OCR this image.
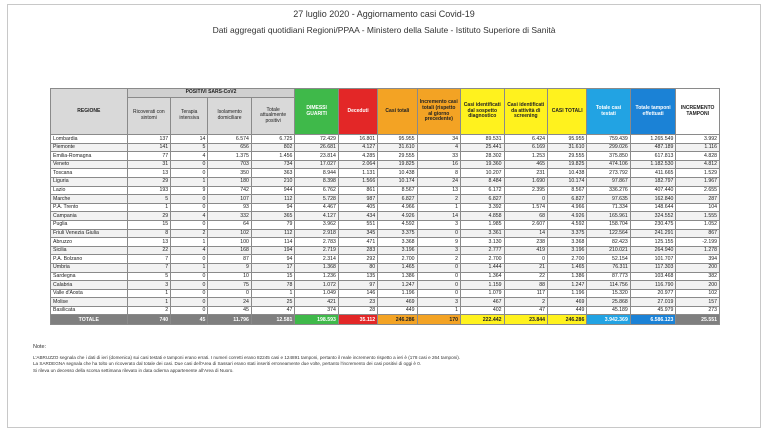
27 luglio 2020 - Aggiornamento casi Covid-19
Dati aggregati quotidiani Regioni/PPAA - Ministero della Salute - Istituto Superiore di Sanità
REGIONE	POSITIVI SARS-CoV2				DIMESSI GUARITI	Deceduti	Casi totali	Incremento casi totali (rispetto al giorno precedente)	Casi identificati dal sospetto diagnostico	Casi identificati da attività di screening	CASI TOTALI	Totale casi testati	Totale tamponi effettuati	INCREMENTO TAMPONI
	Ricoverati con sintomi	Terapia intensiva	Isolamento domiciliare	Totale attualmente positivi										
Lombardia	137	14	6.574	6.725	72.429	16.801	95.955	34	89.531	6.424	95.955	759.439	1.265.549	3.992
Piemonte	141	5	656	802	26.681	4.127	31.610	4	25.441	6.169	31.610	299.026	487.189	1.116
Emilia-Romagna	77	4	1.375	1.456	23.814	4.285	29.555	33	28.302	1.253	29.555	375.850	617.813	4.828
Veneto	31	0	703	734	17.027	2.064	19.825	16	19.360	465	19.825	474.106	1.182.530	4.812
Toscana	13	0	350	363	8.944	1.131	10.438	8	10.207	231	10.438	273.792	411.665	1.529
Liguria	29	1	180	210	8.398	1.566	10.174	24	8.484	1.690	10.174	97.867	182.797	1.967
Lazio	193	9	742	944	6.762	861	8.567	13	6.172	2.395	8.567	336.276	407.440	2.655
Marche	5	0	107	112	5.728	987	6.827	2	6.827	0	6.827	97.635	162.840	287
P.A. Trento	1	0	93	94	4.467	405	4.966	1	3.392	1.574	4.966	71.334	148.644	104
Campania	29	4	332	365	4.127	434	4.926	14	4.858	68	4.926	165.961	324.552	1.555
Puglia	15	0	64	79	3.962	551	4.592	3	1.985	2.607	4.592	158.704	230.475	1.052
Friuli Venezia Giulia	8	2	102	112	2.918	345	3.375	0	3.361	14	3.375	122.564	241.291	867
Abruzzo	13	1	100	114	2.783	471	3.368	9	3.130	238	3.368	82.423	125.155	-2.199
Sicilia	22	4	168	194	2.719	283	3.196	3	2.777	419	3.196	210.021	264.940	1.278
P.A. Bolzano	7	0	87	94	2.314	292	2.700	2	2.700	0	2.700	52.154	101.707	394
Umbria	7	1	9	17	1.368	80	1.465	0	1.444	21	1.465	76.311	117.303	200
Sardegna	5	0	10	15	1.236	135	1.386	0	1.364	22	1.386	87.773	103.468	382
Calabria	3	0	75	78	1.072	97	1.247	0	1.159	88	1.247	114.756	116.790	200
Valle d'Aosta	1	0	0	1	1.049	146	1.196	0	1.079	117	1.196	15.320	20.977	102
Molise	1	0	24	25	421	23	469	3	467	2	469	25.868	27.019	157
Basilicata	2	0	45	47	374	28	449	1	402	47	449	45.189	45.979	273
TOTALE	740	45	11.796	12.581	198.593	35.112	246.286	170	222.442	23.844	246.286	3.942.369	6.586.123	25.551
Note:
L'ABRUZZO segnala che i dati di ieri (domenica) sui casi testati e tamponi erano errati. I numeri corretti erano 82245 casi e 124891 tamponi, pertanto il reale incremento rispetto a ieri è (178 casi e 264 tamponi).
La SARDEGNA segnala che ha tolto un ricoverato dal totale dei casi. Due casi dell'Area di Sassari erano stati inseriti erroneamente due volte, pertanto l'incremento dei casi positivi di oggi è 0.
Si rileva un decesso della scorsa settimana rilevato in data odierna appartenente all'Area di Nuoro.
